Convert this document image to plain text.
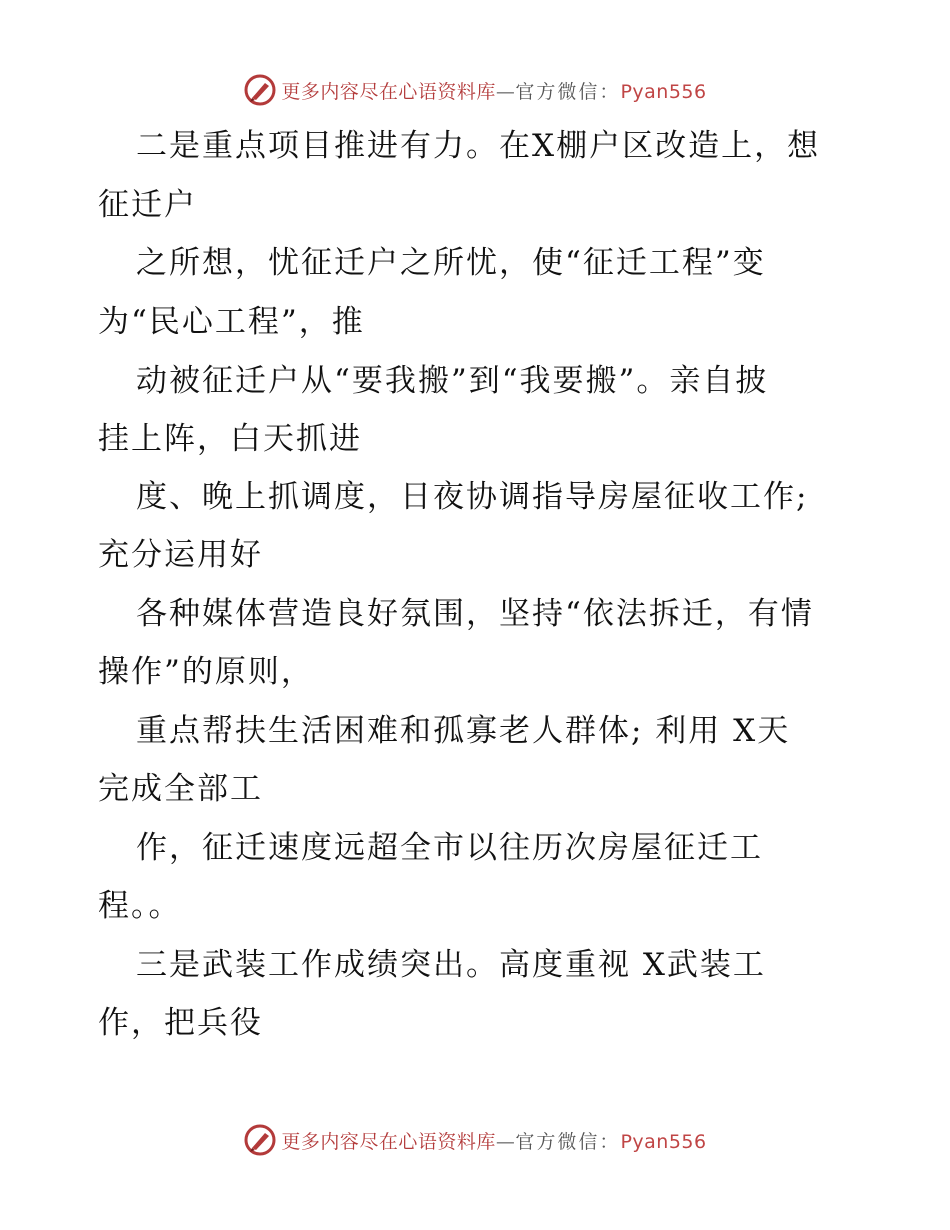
更多内容尽在心语资料库—官方微信：Pyan556

二是重点项目推进有力。在X棚户区改造上，想

征迁户

之所想，忧征迁户之所忧，使“征迁工程”变

为“民心工程”，推

动被征迁户从“要我搬”到“我要搬”。亲自披

挂上阵，白天抓进

度、晚上抓调度，日夜协调指导房屋征收工作;

充分运用好

各种媒体营造良好氛围，坚持“依法拆迁，有情

操作”的原则，

重点帮扶生活困难和孤寡老人群体; 利用 X天

完成全部工

作，征迁速度远超全市以往历次房屋征迁工

程。。

三是武装工作成绩突出。高度重视 X武装工

作，把兵役

更多内容尽在心语资料库—官方微信：Pyan556
